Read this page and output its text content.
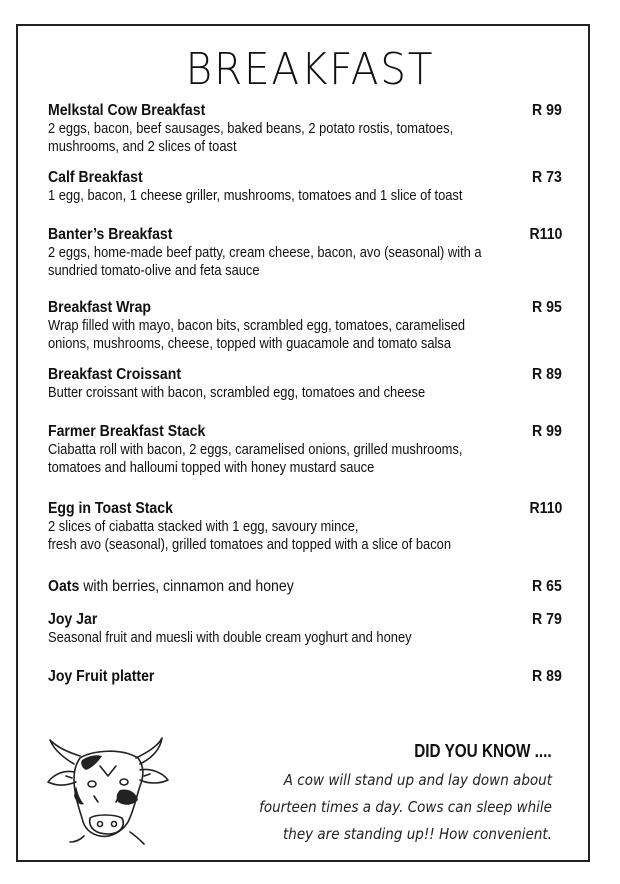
BREAKFAST
Melkstal Cow Breakfast
2 eggs, bacon, beef sausages, baked beans, 2 potato rostis, tomatoes,
mushrooms, and 2 slices of toast
R 99
Calf Breakfast
1 egg, bacon, 1 cheese griller, mushrooms, tomatoes and 1 slice of toast
R 73
Banter’s Breakfast
2 eggs, home-made beef patty, cream cheese, bacon, avo (seasonal) with a
sundried tomato-olive and feta sauce
R110
Breakfast Wrap
Wrap filled with mayo, bacon bits, scrambled egg, tomatoes, caramelised
onions, mushrooms, cheese, topped with guacamole and tomato salsa
R 95
Breakfast Croissant
Butter croissant with bacon, scrambled egg, tomatoes and cheese
R 89
Farmer Breakfast Stack
Ciabatta roll with bacon, 2 eggs, caramelised onions, grilled mushrooms,
tomatoes and halloumi topped with honey mustard sauce
R 99
Egg in Toast Stack
2 slices of ciabatta stacked with 1 egg, savoury mince,
fresh avo (seasonal), grilled tomatoes and topped with a slice of bacon
R110
Oats with berries, cinnamon and honey	R 65
Joy Jar
Seasonal fruit and muesli with double cream yoghurt and honey
R 79
Joy Fruit platter	R 89
DID YOU KNOW ....
A cow will stand up and lay down about
fourteen times a day. Cows can sleep while
they are standing up!! How convenient.
